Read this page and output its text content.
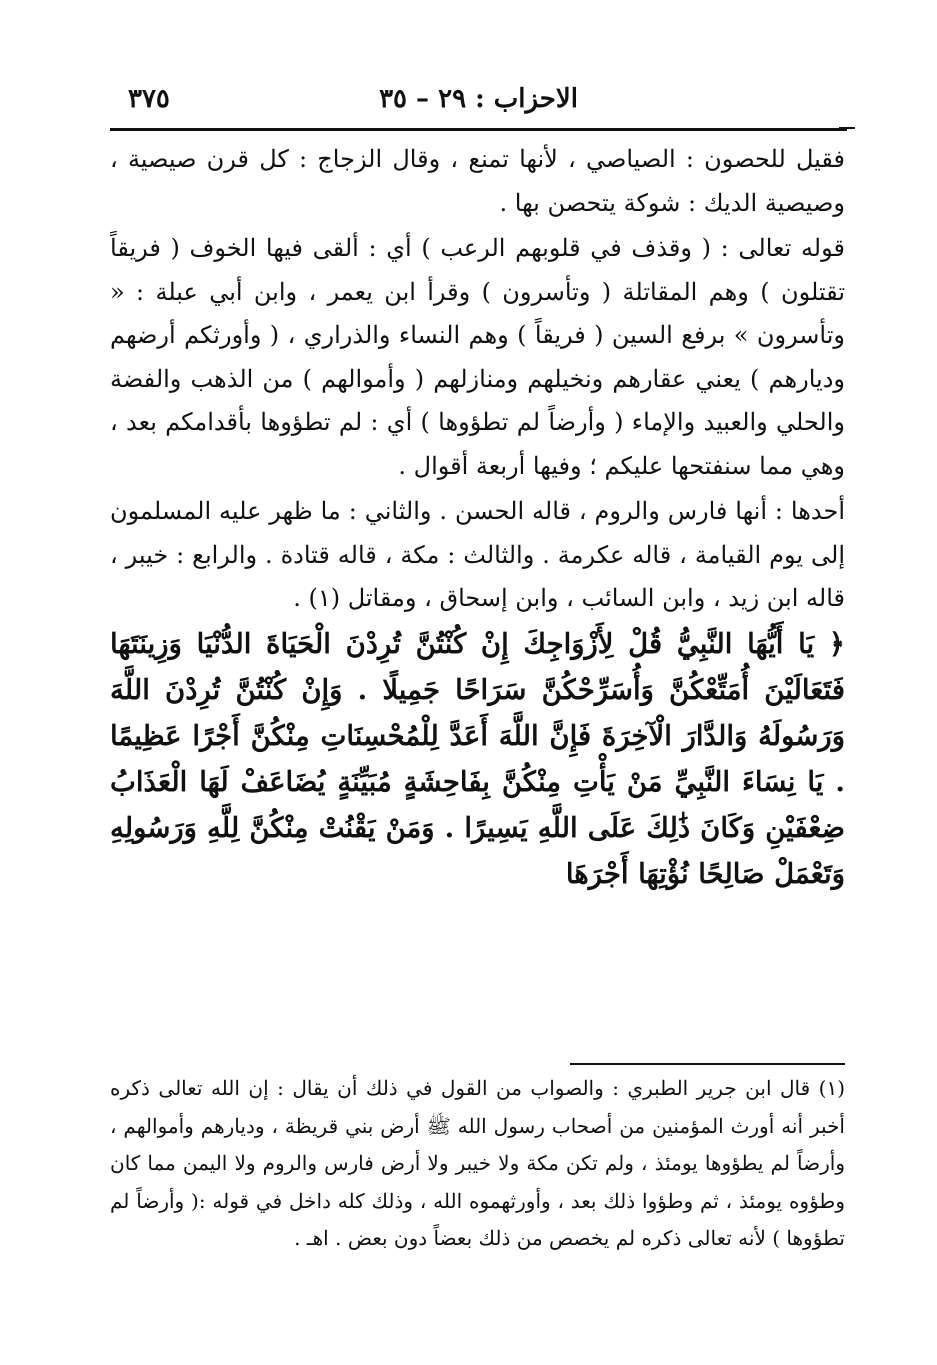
٣٧٥	الاحزاب : ٢٩ – ٣٥

فقيل للحصون : الصياصي ، لأنها تمنع ، وقال الزجاج : كل قرن صيصية ، وصيصية الديك : شوكة يتحصن بها .

قوله تعالى : ( وقذف في قلوبهم الرعب ) أي : ألقى فيها الخوف ( فريقاً تقتلون ) وهم المقاتلة ( وتأسرون ) وقرأ ابن يعمر ، وابن أبي عبلة : « وتأسرون » برفع السين ( فريقاً ) وهم النساء والذراري ، ( وأورثكم أرضهم وديارهم ) يعني عقارهم ونخيلهم ومنازلهم ( وأموالهم ) من الذهب والفضة والحلي والعبيد والإماء ( وأرضاً لم تطؤوها ) أي : لم تطؤوها بأقدامكم بعد ، وهي مما سنفتحها عليكم ؛ وفيها أربعة أقوال .

أحدها : أنها فارس والروم ، قاله الحسن . والثاني : ما ظهر عليه المسلمون إلى يوم القيامة ، قاله عكرمة . والثالث : مكة ، قاله قتادة . والرابع : خيبر ، قاله ابن زيد ، وابن السائب ، وابن إسحاق ، ومقاتل (١) .

﴿ يَا أَيُّهَا النَّبِيُّ قُلْ لِأَزْوَاجِكَ إِنْ كُنْتُنَّ تُرِدْنَ الْحَيَاةَ الدُّنْيَا وَزِينَتَهَا فَتَعَالَيْنَ أُمَتِّعْكُنَّ وَأُسَرِّحْكُنَّ سَرَاحًا جَمِيلًا . وَإِنْ كُنْتُنَّ تُرِدْنَ اللَّهَ وَرَسُولَهُ وَالدَّارَ الْآخِرَةَ فَإِنَّ اللَّهَ أَعَدَّ لِلْمُحْسِنَاتِ مِنْكُنَّ أَجْرًا عَظِيمًا . يَا نِسَاءَ النَّبِيِّ مَنْ يَأْتِ مِنْكُنَّ بِفَاحِشَةٍ مُبَيِّنَةٍ يُضَاعَفْ لَهَا الْعَذَابُ ضِعْفَيْنِ وَكَانَ ذَٰلِكَ عَلَى اللَّهِ يَسِيرًا . وَمَنْ يَقْنُتْ مِنْكُنَّ لِلَّهِ وَرَسُولِهِ وَتَعْمَلْ صَالِحًا نُؤْتِهَا أَجْرَهَا

(١) قال ابن جرير الطبري : والصواب من القول في ذلك أن يقال : إن الله تعالى ذكره أخبر أنه أورث المؤمنين من أصحاب رسول الله ﷺ أرض بني قريظة ، وديارهم وأموالهم ، وأرضاً لم يطؤوها يومئذ ، ولم تكن مكة ولا خيبر ولا أرض فارس والروم ولا اليمن مما كان وطؤوه يومئذ ، ثم وطؤوا ذلك بعد ، وأورثهموه الله ، وذلك كله داخل في قوله :( وأرضاً لم تطؤوها ) لأنه تعالى ذكره لم يخصص من ذلك بعضاً دون بعض . اهـ .
